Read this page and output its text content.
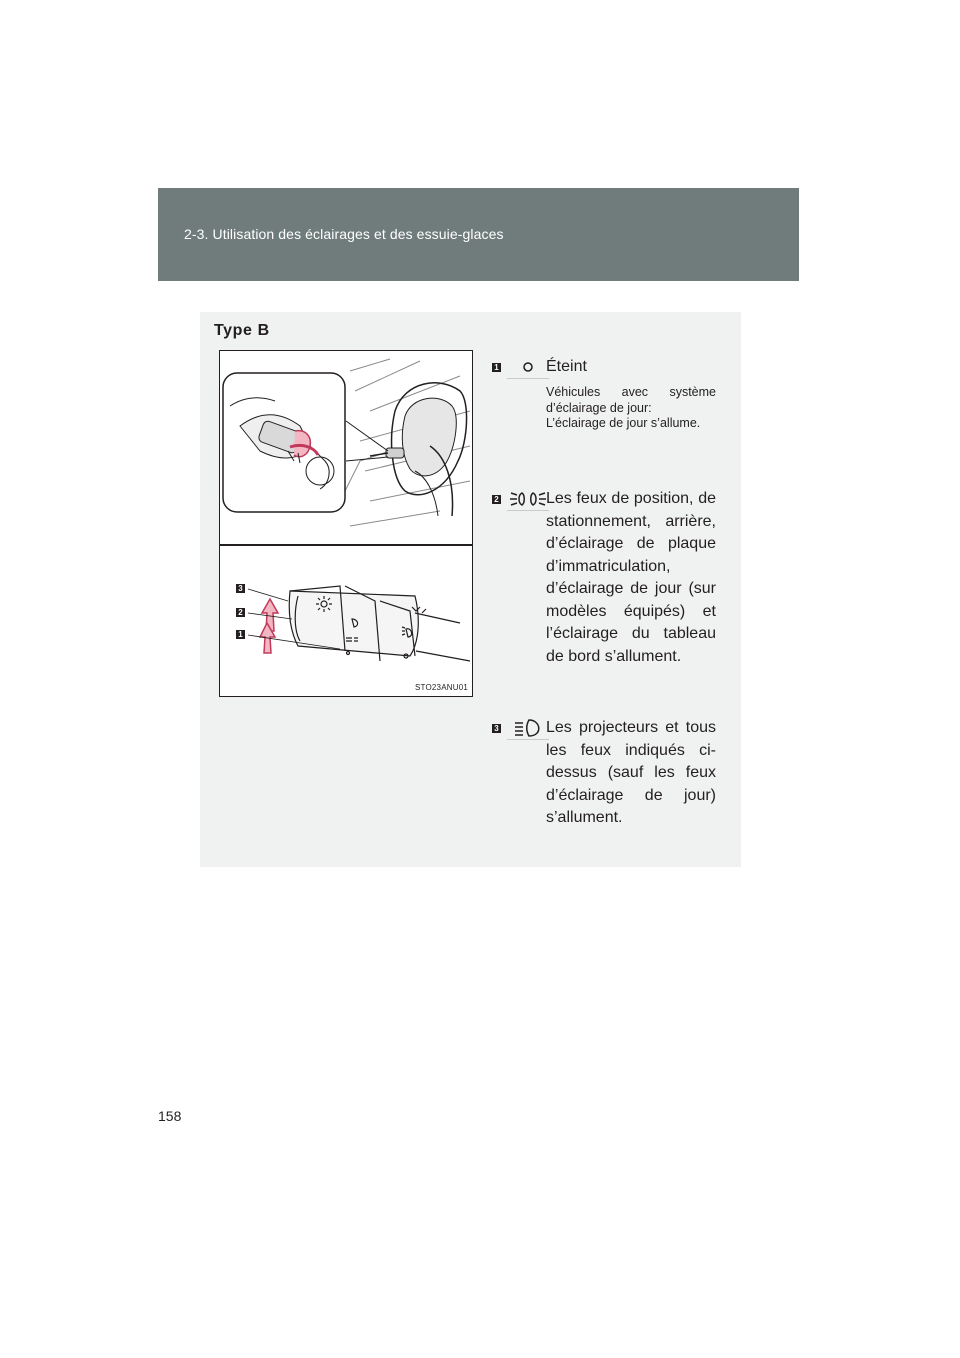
2-3. Utilisation des éclairages et des essuie-glaces
Type B
3
2
1
STO23ANU01
1	Éteint
Véhicules avec système d’éclairage de jour:
L’éclairage de jour s’allume.
2	Les feux de position, de stationnement, arrière, d’éclairage de plaque d’immatriculation, d’éclairage de jour (sur modèles équipés) et l’éclairage du tableau de bord s’allument.
3	Les projecteurs et tous les feux indiqués ci-dessus (sauf les feux d’éclairage de jour) s’allument.
158
